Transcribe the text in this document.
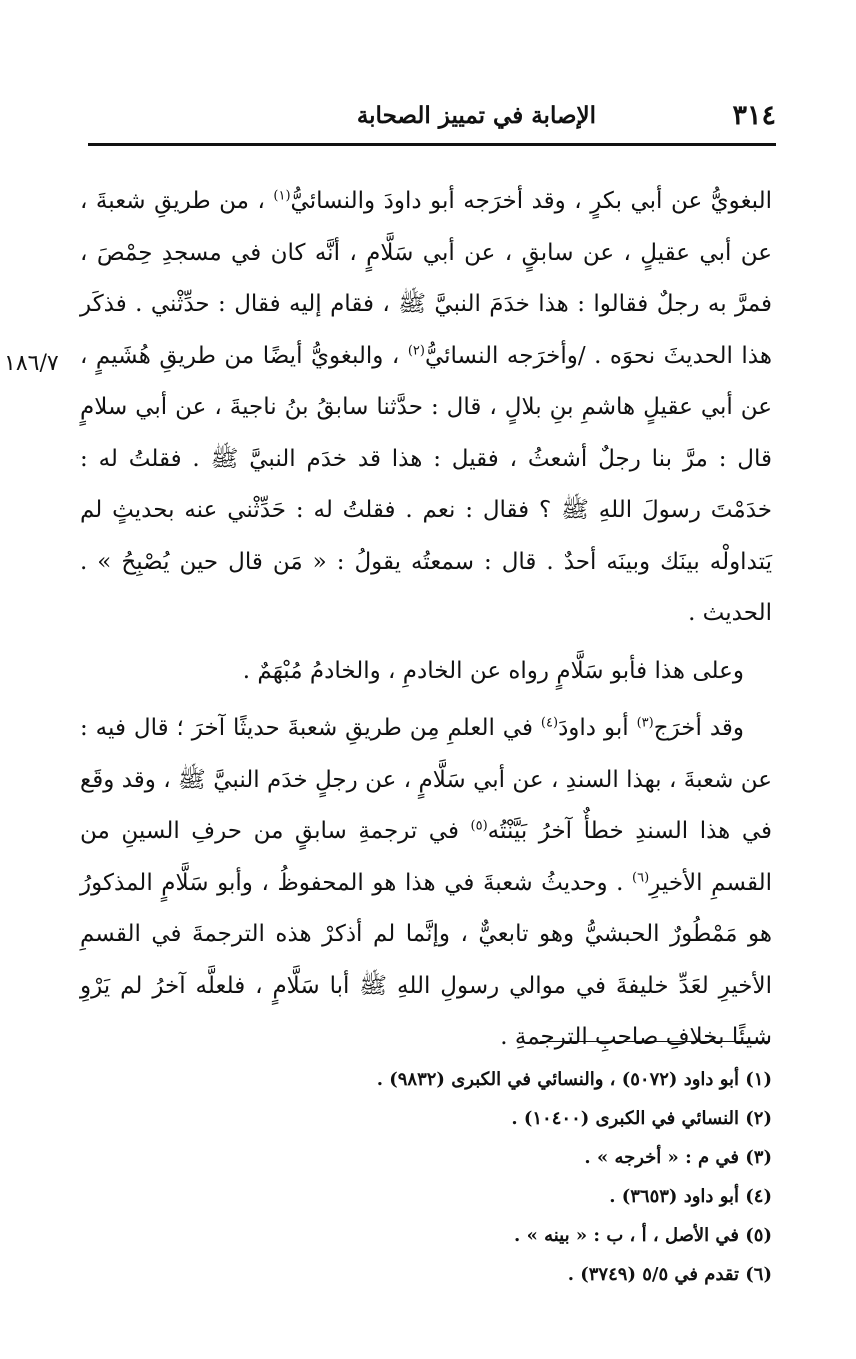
٣١٤
الإصابة في تمييز الصحابة
١٨٦/٧

البغويُّ عن أبي بكرٍ ، وقد أخرَجه أبو داودَ والنسائيُّ$^{(١)}$ ، من طريقِ شعبةَ ، عن أبي عقيلٍ ، عن سابقٍ ، عن أبي سَلَّامٍ ، أنَّه كان في مسجدِ حِمْصَ ، فمرَّ به رجلٌ فقالوا : هذا خدَمَ النبيَّ ﷺ ، فقام إليه فقال : حدِّثْني . فذكَر هذا الحديثَ نحوَه . /وأخرَجه النسائيُّ$^{(٢)}$ ، والبغويُّ أيضًا من طريقِ هُشَيمٍ ، عن أبي عقيلٍ هاشمِ بنِ بلالٍ ، قال : حدَّثنا سابقُ بنُ ناجيةَ ، عن أبي سلامٍ قال : مرَّ بنا رجلٌ أشعثُ ، فقيل : هذا قد خدَم النبيَّ ﷺ . فقلتُ له : خدَمْتَ رسولَ اللهِ ﷺ ؟ فقال : نعم . فقلتُ له : حَدِّثْني عنه بحديثٍ لم يَتداولْه بينَك وبينَه أحدٌ . قال : سمعتُه يقولُ : « مَن قال حين يُصْبِحُ » . الحديث .

وعلى هذا فأبو سَلَّامٍ رواه عن الخادمِ ، والخادمُ مُبْهَمٌ .

وقد أخرَج$^{(٣)}$ أبو داودَ$^{(٤)}$ في العلمِ مِن طريقِ شعبةَ حديثًا آخرَ ؛ قال فيه : عن شعبةَ ، بهذا السندِ ، عن أبي سَلَّامٍ ، عن رجلٍ خدَم النبيَّ ﷺ ، وقد وقَع في هذا السندِ خطأٌ آخرُ بَيَّنْتُه$^{(٥)}$ في ترجمةِ سابقٍ من حرفِ السينِ من القسمِ الأخيرِ$^{(٦)}$ . وحديثُ شعبةَ في هذا هو المحفوظُ ، وأبو سَلَّامٍ المذكورُ هو مَمْطُورٌ الحبشيُّ وهو تابعيٌّ ، وإنَّما لم أذكرْ هذه الترجمةَ في القسمِ الأخيرِ لعَدِّ خليفةَ في موالي رسولِ اللهِ ﷺ أبا سَلَّامٍ ، فلعلَّه آخرُ لم يَرْوِ شيئًا بخلافِ صاحبِ الترجمةِ .

(١) أبو داود (٥٠٧٢) ، والنسائي في الكبرى (٩٨٣٢) .
(٢) النسائي في الكبرى (١٠٤٠٠) .
(٣) في م : « أخرجه » .
(٤) أبو داود (٣٦٥٣) .
(٥) في الأصل ، أ ، ب : « بينه » .
(٦) تقدم في ٥/٥ (٣٧٤٩) .
